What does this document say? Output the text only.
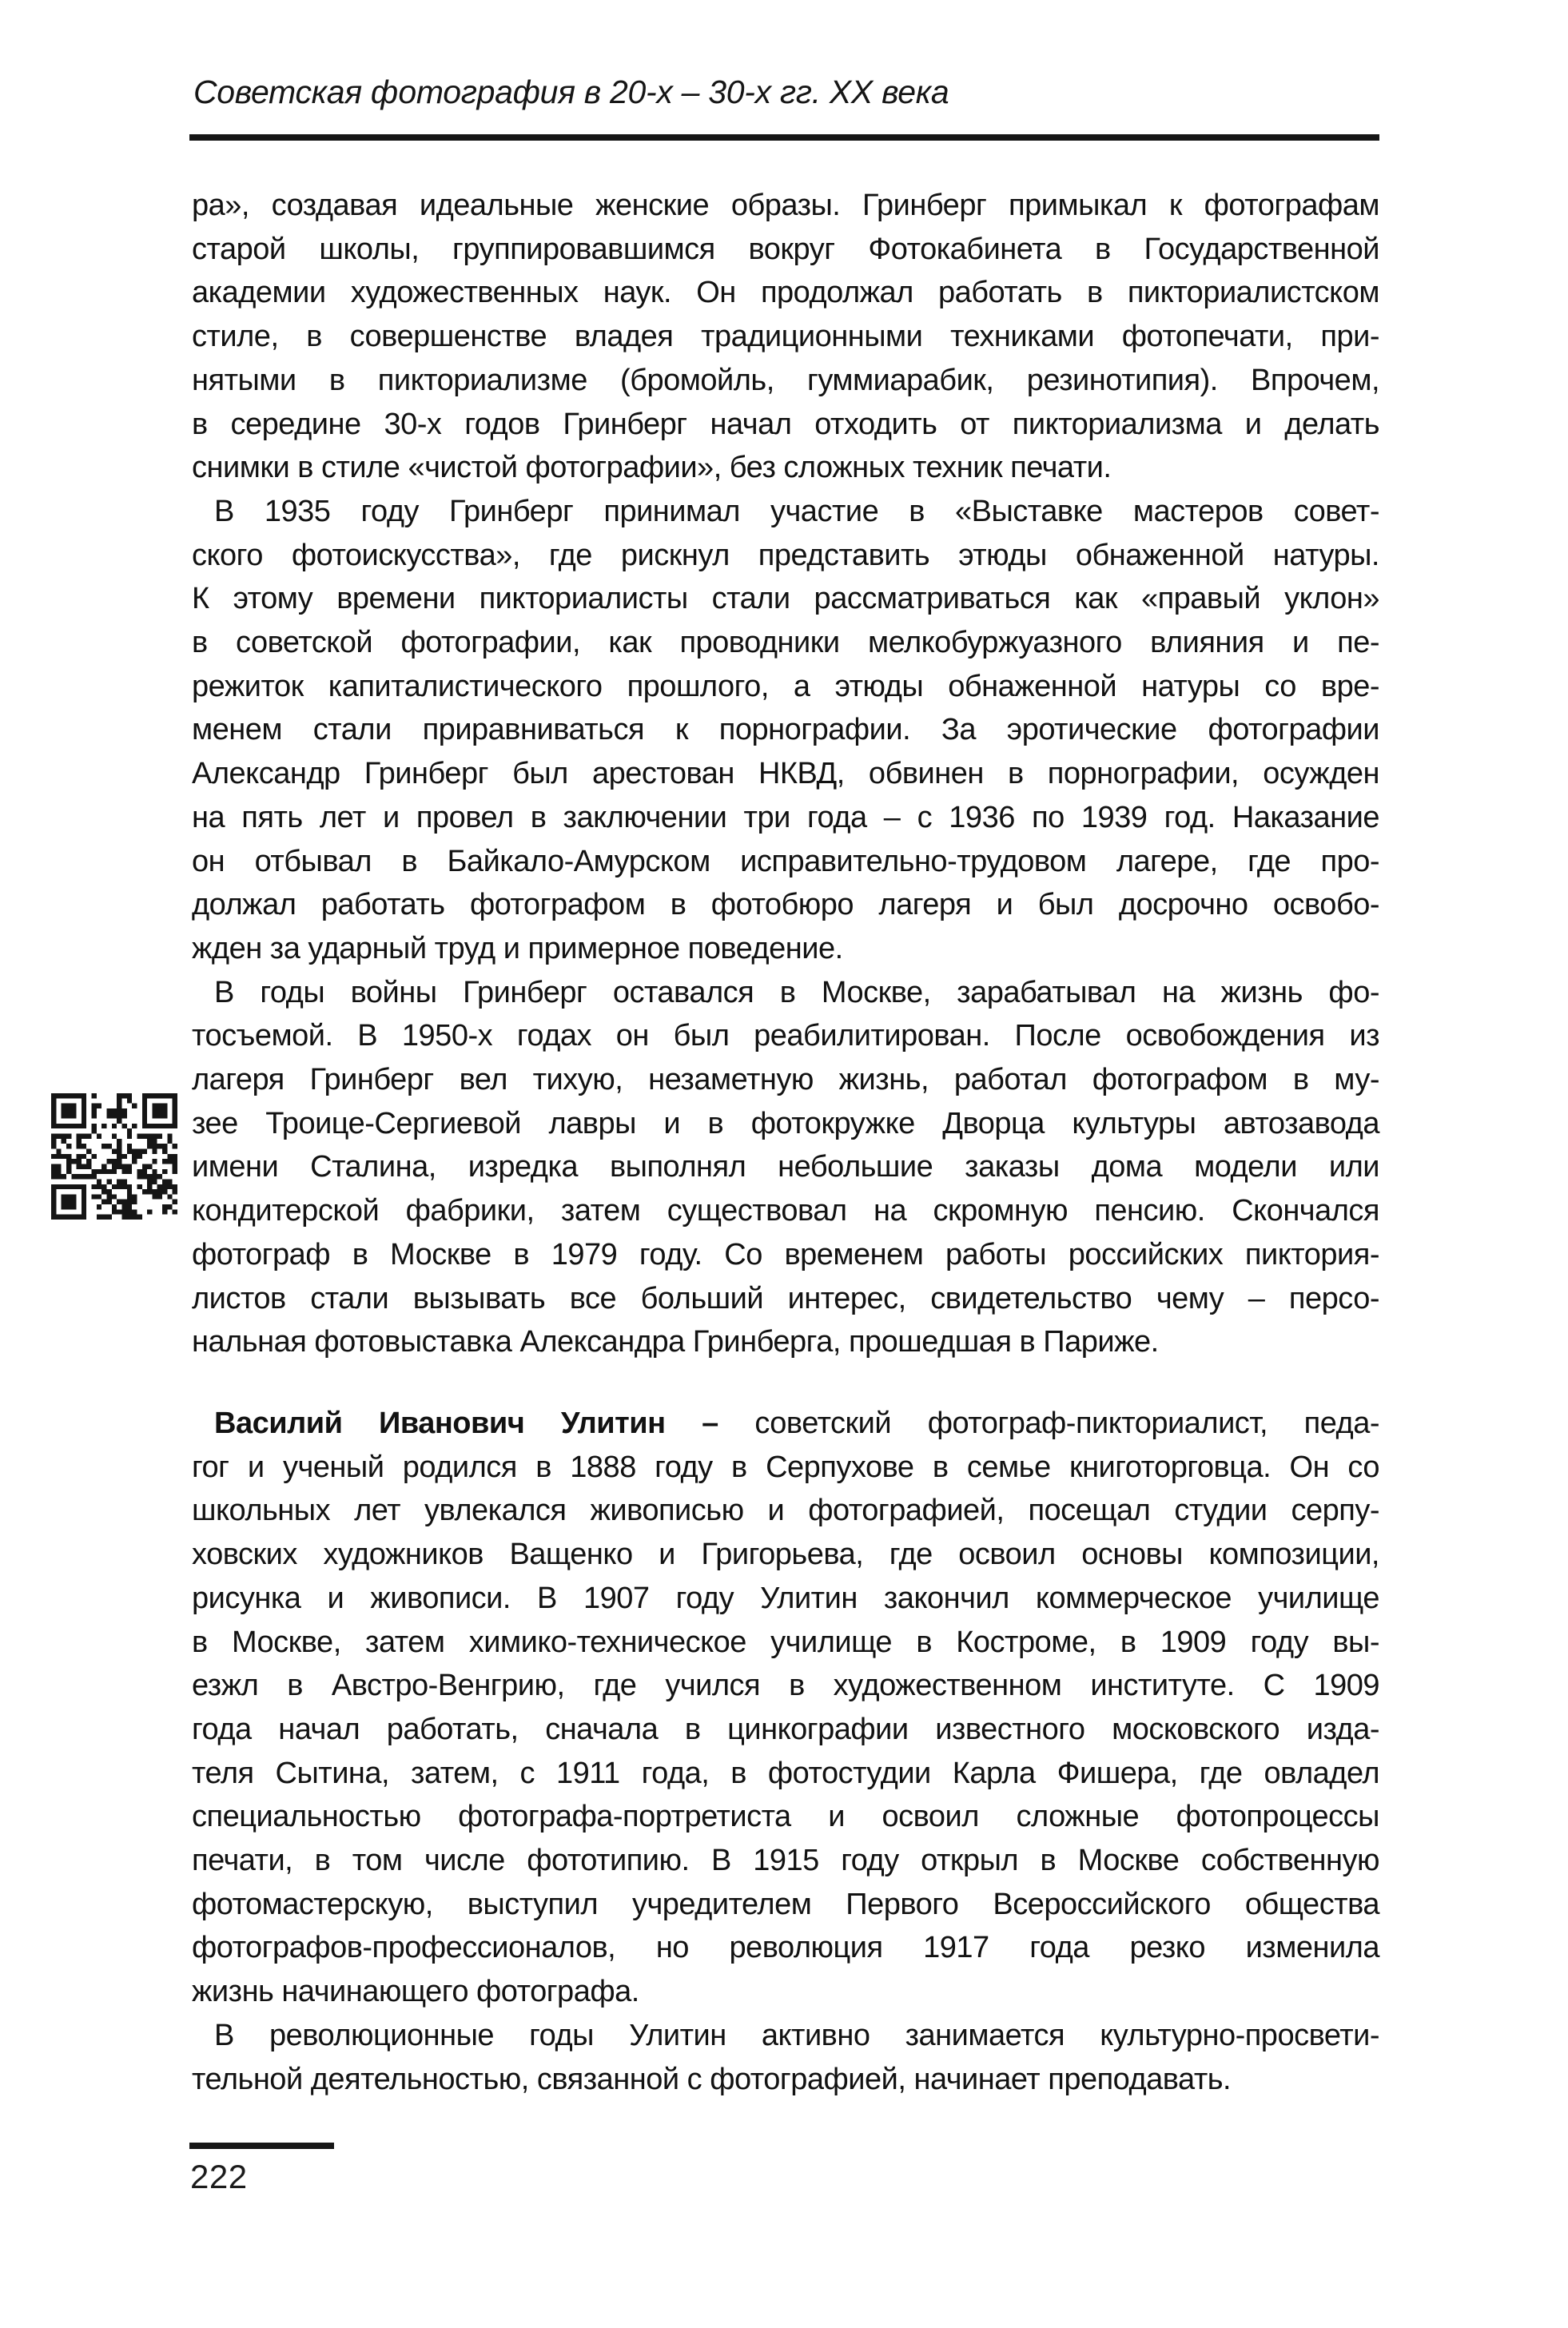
Советская фотография в 20-х – 30-х гг. XX века
ра», создавая идеальные женские образы. Гринберг примыкал к фотографам
старой школы, группировавшимся вокруг Фотокабинета в Государственной
академии художественных наук. Он продолжал работать в пикториалистском
стиле, в совершенстве владея традиционными техниками фотопечати, при-
нятыми в пикториализме (бромойль, гуммиарабик, резинотипия). Впрочем,
в середине 30-х годов Гринберг начал отходить от пикториализма и делать
снимки в стиле «чистой фотографии», без сложных техник печати.
В 1935 году Гринберг принимал участие в «Выставке мастеров совет-
ского фотоискусства», где рискнул представить этюды обнаженной натуры.
К этому времени пикториалисты стали рассматриваться как «правый уклон»
в советской фотографии, как проводники мелкобуржуазного влияния и пе-
режиток капиталистического прошлого, а этюды обнаженной натуры со вре-
менем стали приравниваться к порнографии. За эротические фотографии
Александр Гринберг был арестован НКВД, обвинен в порнографии, осужден
на пять лет и провел в заключении три года – с 1936 по 1939 год. Наказание
он отбывал в Байкало-Амурском исправительно-трудовом лагере, где про-
должал работать фотографом в фотобюро лагеря и был досрочно освобо-
жден за ударный труд и примерное поведение.
В годы войны Гринберг оставался в Москве, зарабатывал на жизнь фо-
тосъемой. В 1950-х годах он был реабилитирован. После освобождения из
лагеря Гринберг вел тихую, незаметную жизнь, работал фотографом в му-
зее Троице-Сергиевой лавры и в фотокружке Дворца культуры автозавода
имени Сталина, изредка выполнял небольшие заказы дома модели или
кондитерской фабрики, затем существовал на скромную пенсию. Скончался
фотограф в Москве в 1979 году. Со временем работы российских пиктория-
листов стали вызывать все больший интерес, свидетельство чему – персо-
нальная фотовыставка Александра Гринберга, прошедшая в Париже.
Василий Иванович Улитин – советский фотограф-пикториалист, педа-
гог и ученый родился в 1888 году в Серпухове в семье книготорговца. Он со
школьных лет увлекался живописью и фотографией, посещал студии серпу-
ховских художников Ващенко и Григорьева, где освоил основы композиции,
рисунка и живописи. В 1907 году Улитин закончил коммерческое училище
в Москве, затем химико-техническое училище в Костроме, в 1909 году вы-
езжл в Австро-Венгрию, где учился в художественном институте. С 1909
года начал работать, сначала в цинкографии известного московского изда-
теля Сытина, затем, с 1911 года, в фотостудии Карла Фишера, где овладел
специальностью фотографа-портретиста и освоил сложные фотопроцессы
печати, в том числе фототипию. В 1915 году открыл в Москве собственную
фотомастерскую, выступил учредителем Первого Всероссийского общества
фотографов-профессионалов, но революция 1917 года резко изменила
жизнь начинающего фотографа.
В революционные годы Улитин активно занимается культурно-просвети-
тельной деятельностью, связанной с фотографией, начинает преподавать.
222
